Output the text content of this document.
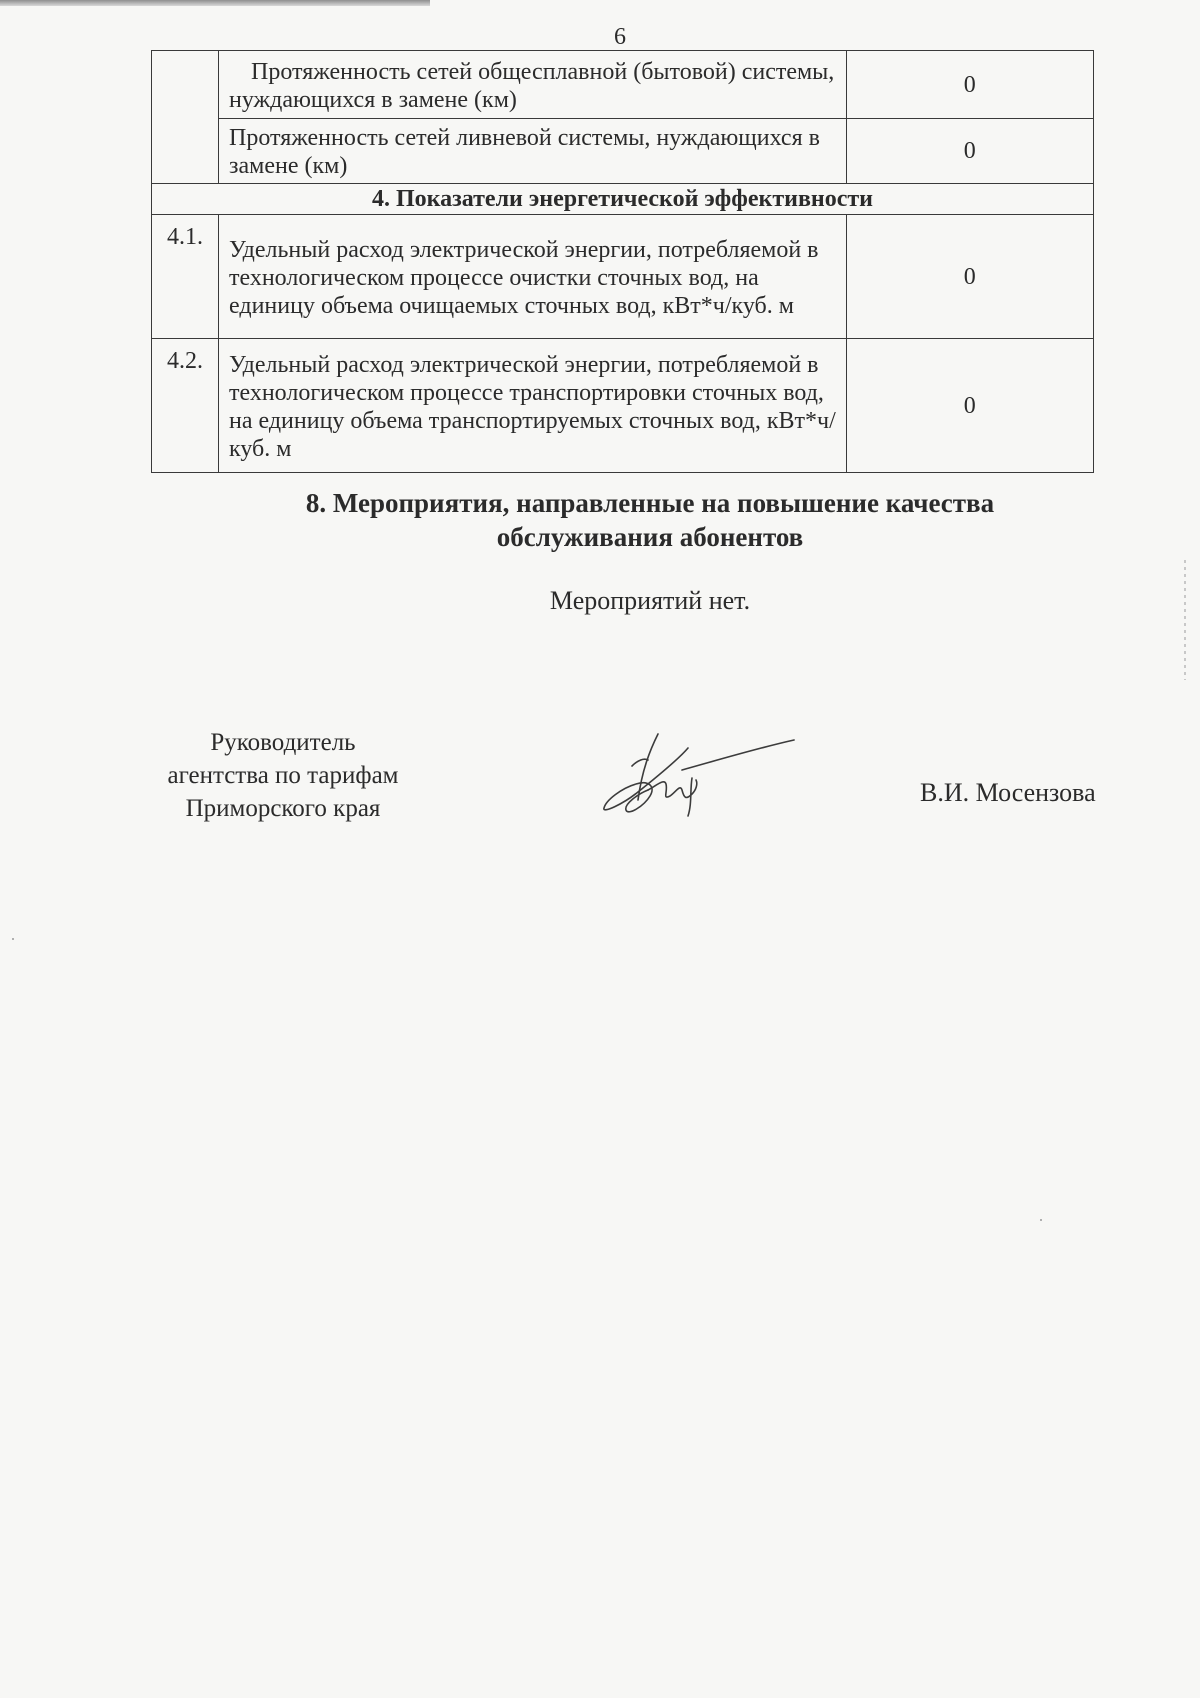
6
	Протяженность сетей общесплавной (бытовой) системы, нуждающихся в замене (км)	0
	Протяженность сетей ливневой системы, нуждающихся в замене (км)	0
4. Показатели энергетической эффективности		
4.1.	Удельный расход электрической энергии, потребляемой в технологическом процессе очистки сточных вод, на единицу объема очищаемых сточных вод, кВт*ч/куб. м	0
4.2.	Удельный расход электрической энергии, потребляемой в технологическом процессе транспортировки сточных вод, на единицу объема транспортируемых сточных вод, кВт*ч/куб. м	0
8. Мероприятия, направленные на повышение качества
обслуживания абонентов
Мероприятий нет.
Руководитель
агентства по тарифам
Приморского края
В.И. Мосензова
